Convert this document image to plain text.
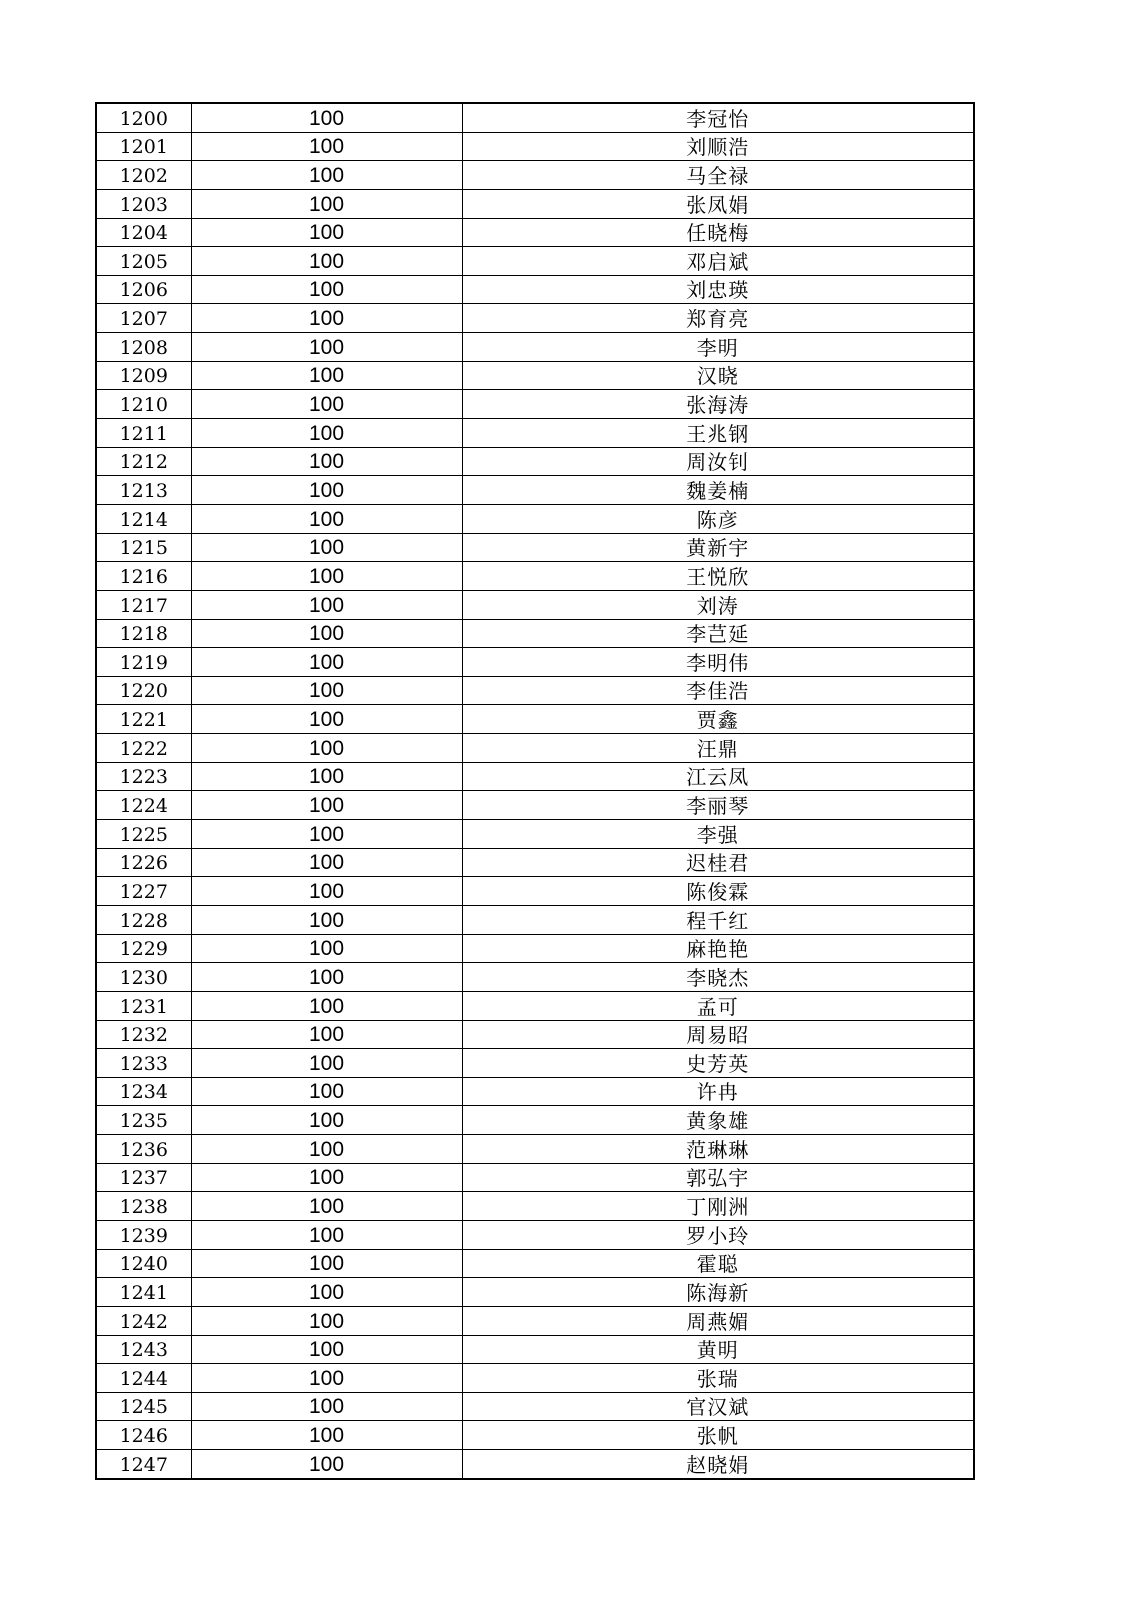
1200	100	李冠怡
1201	100	刘顺浩
1202	100	马全禄
1203	100	张凤娟
1204	100	任晓梅
1205	100	邓启斌
1206	100	刘忠瑛
1207	100	郑育亮
1208	100	李明
1209	100	汉晓
1210	100	张海涛
1211	100	王兆钢
1212	100	周汝钊
1213	100	魏姜楠
1214	100	陈彦
1215	100	黄新宇
1216	100	王悦欣
1217	100	刘涛
1218	100	李芑延
1219	100	李明伟
1220	100	李佳浩
1221	100	贾鑫
1222	100	汪鼎
1223	100	江云凤
1224	100	李丽琴
1225	100	李强
1226	100	迟桂君
1227	100	陈俊霖
1228	100	程千红
1229	100	麻艳艳
1230	100	李晓杰
1231	100	孟可
1232	100	周易昭
1233	100	史芳英
1234	100	许冉
1235	100	黄象雄
1236	100	范琳琳
1237	100	郭弘宇
1238	100	丁刚洲
1239	100	罗小玲
1240	100	霍聪
1241	100	陈海新
1242	100	周燕媚
1243	100	黄明
1244	100	张瑞
1245	100	官汉斌
1246	100	张帆
1247	100	赵晓娟
